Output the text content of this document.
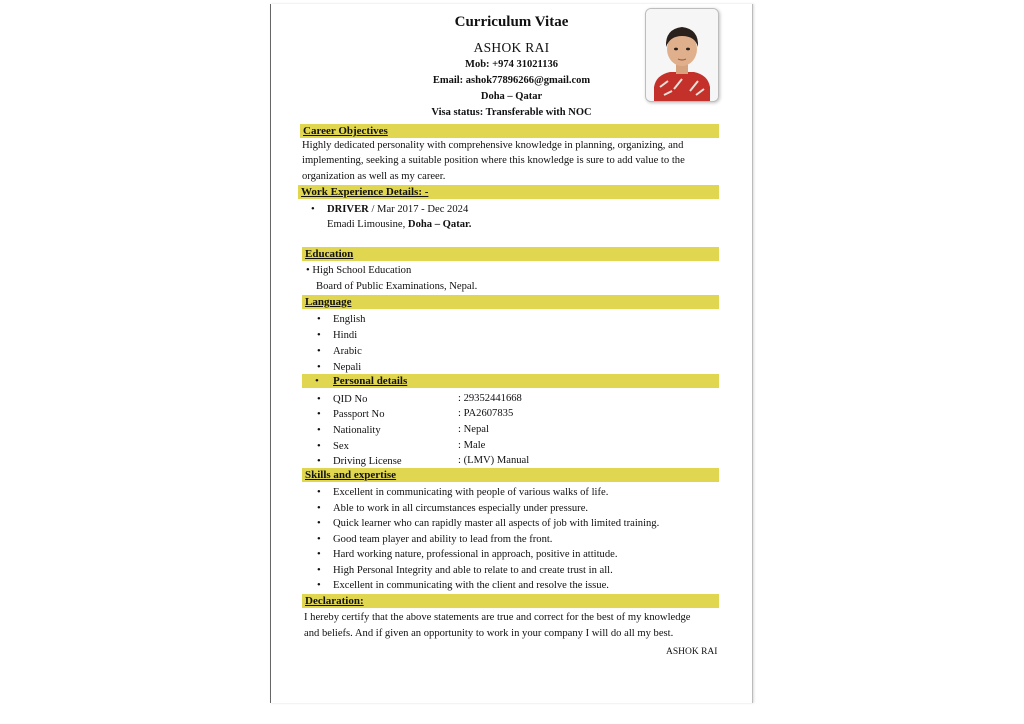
Curriculum Vitae
ASHOK RAI
Mob: +974 31021136
Email: ashok77896266@gmail.com
Doha – Qatar
Visa status: Transferable with NOC
Career Objectives
Highly dedicated personality with comprehensive knowledge in planning, organizing, and
implementing, seeking a suitable position where this knowledge is sure to add value to the
organization as well as my career.
Work Experience Details: -
• DRIVER / Mar 2017 - Dec 2024
Emadi Limousine, Doha – Qatar.
Education
• High School Education
Board of Public Examinations, Nepal.
Language
• English
• Hindi
• Arabic
• Nepali
Personal details
•
• QID No	: 29352441668
• Passport No	: PA2607835
• Nationality	: Nepal
• Sex	: Male
• Driving License	: (LMV) Manual
Skills and expertise
• Excellent in communicating with people of various walks of life.
• Able to work in all circumstances especially under pressure.
• Quick learner who can rapidly master all aspects of job with limited training.
• Good team player and ability to lead from the front.
• Hard working nature, professional in approach, positive in attitude.
• High Personal Integrity and able to relate to and create trust in all.
• Excellent in communicating with the client and resolve the issue.
Declaration:
I hereby certify that the above statements are true and correct for the best of my knowledge
and beliefs. And if given an opportunity to work in your company I will do all my best.
ASHOK RAI
